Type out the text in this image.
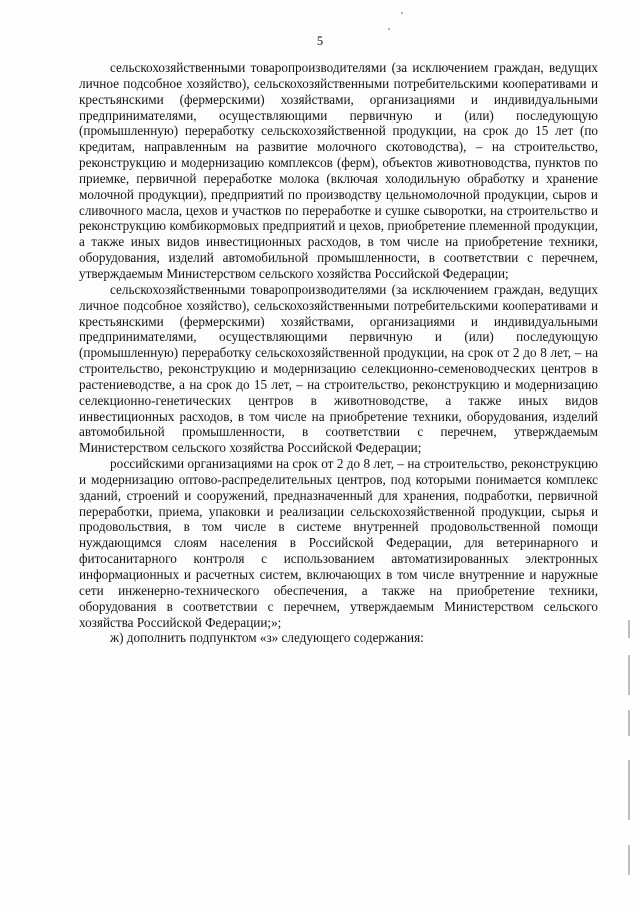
5

сельскохозяйственными товаропроизводителями (за исключением граждан, ведущих личное подсобное хозяйство), сельскохозяйственными потребительскими кооперативами и крестьянскими (фермерскими) хозяйствами, организациями и индивидуальными предпринимателями, осуществляющими первичную и (или) последующую (промышленную) переработку сельскохозяйственной продукции, на срок до 15 лет (по кредитам, направленным на развитие молочного скотоводства), – на строительство, реконструкцию и модернизацию комплексов (ферм), объектов животноводства, пунктов по приемке, первичной переработке молока (включая холодильную обработку и хранение молочной продукции), предприятий по производству цельномолочной продукции, сыров и сливочного масла, цехов и участков по переработке и сушке сыворотки, на строительство и реконструкцию комбикормовых предприятий и цехов, приобретение племенной продукции, а также иных видов инвестиционных расходов, в том числе на приобретение техники, оборудования, изделий автомобильной промышленности, в соответствии с перечнем, утверждаемым Министерством сельского хозяйства Российской Федерации;

сельскохозяйственными товаропроизводителями (за исключением граждан, ведущих личное подсобное хозяйство), сельскохозяйственными потребительскими кооперативами и крестьянскими (фермерскими) хозяйствами, организациями и индивидуальными предпринимателями, осуществляющими первичную и (или) последующую (промышленную) переработку сельскохозяйственной продукции, на срок от 2 до 8 лет, – на строительство, реконструкцию и модернизацию селекционно-семеноводческих центров в растениеводстве, а на срок до 15 лет, – на строительство, реконструкцию и модернизацию селекционно-генетических центров в животноводстве, а также иных видов инвестиционных расходов, в том числе на приобретение техники, оборудования, изделий автомобильной промышленности, в соответствии с перечнем, утверждаемым Министерством сельского хозяйства Российской Федерации;

российскими организациями на срок от 2 до 8 лет, – на строительство, реконструкцию и модернизацию оптово-распределительных центров, под которыми понимается комплекс зданий, строений и сооружений, предназначенный для хранения, подработки, первичной переработки, приема, упаковки и реализации сельскохозяйственной продукции, сырья и продовольствия, в том числе в системе внутренней продовольственной помощи нуждающимся слоям населения в Российской Федерации, для ветеринарного и фитосанитарного контроля с использованием автоматизированных электронных информационных и расчетных систем, включающих в том числе внутренние и наружные сети инженерно-технического обеспечения, а также на приобретение техники, оборудования в соответствии с перечнем, утверждаемым Министерством сельского хозяйства Российской Федерации;»;

ж) дополнить подпунктом «з» следующего содержания:
